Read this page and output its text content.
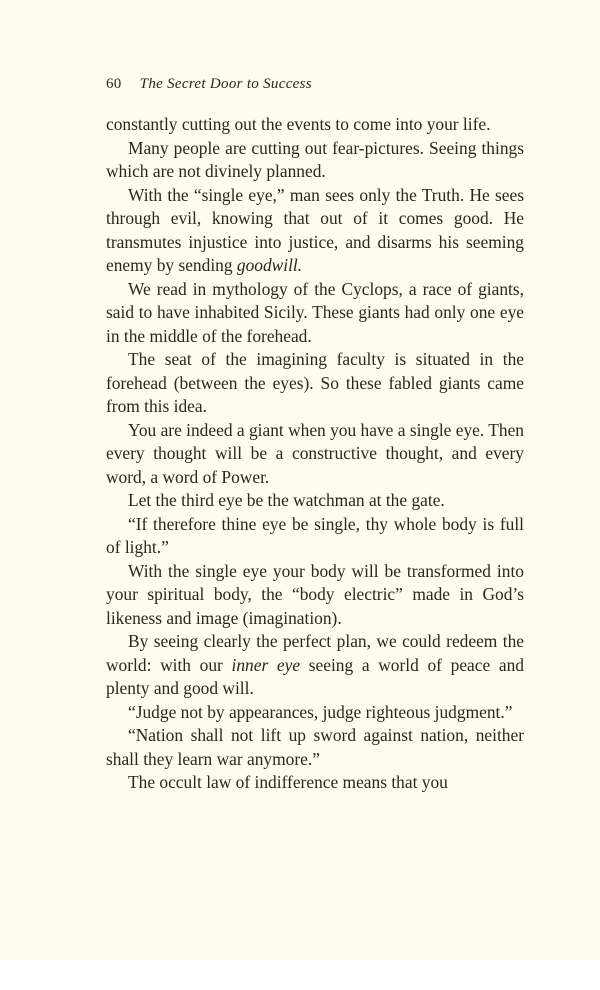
60 The Secret Door to Success

constantly cutting out the events to come into your life.

Many people are cutting out fear-pictures. Seeing things which are not divinely planned.

With the “single eye,” man sees only the Truth. He sees through evil, knowing that out of it comes good. He transmutes injustice into justice, and disarms his seeming enemy by sending goodwill.

We read in mythology of the Cyclops, a race of giants, said to have inhabited Sicily. These giants had only one eye in the middle of the forehead.

The seat of the imagining faculty is situated in the forehead (between the eyes). So these fabled giants came from this idea.

You are indeed a giant when you have a single eye. Then every thought will be a constructive thought, and every word, a word of Power.

Let the third eye be the watchman at the gate.

“If therefore thine eye be single, thy whole body is full of light.”

With the single eye your body will be transformed into your spiritual body, the “body electric” made in God’s likeness and image (imagination).

By seeing clearly the perfect plan, we could redeem the world: with our inner eye seeing a world of peace and plenty and good will.

“Judge not by appearances, judge righteous judgment.”

“Nation shall not lift up sword against nation, neither shall they learn war anymore.”

The occult law of indifference means that you
